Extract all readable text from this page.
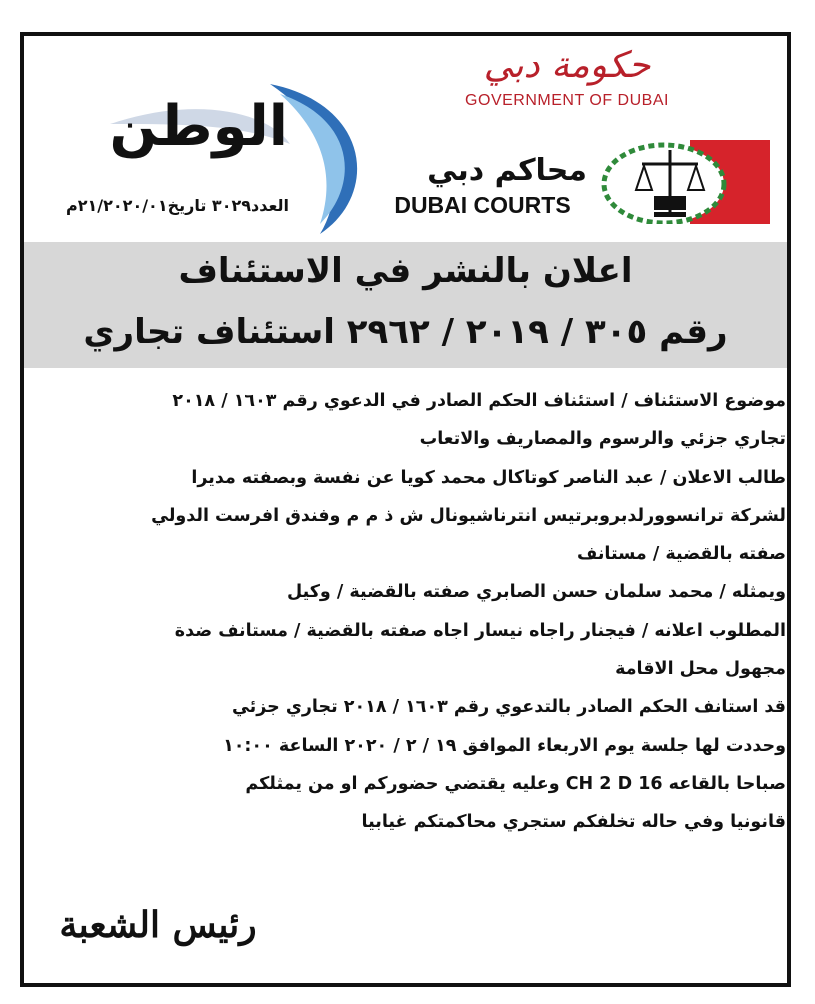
حكومة دبي
GOVERNMENT OF DUBAI
محاكم دبي
DUBAI COURTS
الوطن
العدد٣٠٢٩ تاريخ٢١/٢٠٢٠/٠١م
اعلان بالنشر في الاستئناف
رقم ٣٠٥ / ٢٠١٩ / ٢٩٦٢ استئناف تجاري
موضوع الاستئناف / استئناف الحكم الصادر في الدعوي رقم ١٦٠٣ / ٢٠١٨
تجاري جزئي والرسوم والمصاريف والاتعاب
طالب الاعلان / عبد الناصر كوتاكال محمد كويا عن نفسة وبصفته مديرا
لشركة ترانسوورلدبروبرتيس انترناشيونال ش ذ م م وفندق افرست الدولي
صفته بالقضية / مستانف
ويمثله / محمد سلمان حسن الصابري صفته بالقضية / وكيل
المطلوب اعلانه / فيجنار راجاه نيسار اجاه صفته بالقضية / مستانف ضدة
مجهول محل الاقامة
قد استانف الحكم الصادر بالتدعوي رقم ١٦٠٣ / ٢٠١٨ تجاري جزئي
وحددت لها جلسة يوم الاربعاء الموافق ١٩ / ٢ / ٢٠٢٠ الساعة ١٠:٠٠
صباحا بالقاعه CH 2 D 16 وعليه يقتضي حضوركم او من يمثلكم
قانونيا وفي حاله تخلفكم ستجري محاكمتكم غيابيا
رئيس الشعبة
